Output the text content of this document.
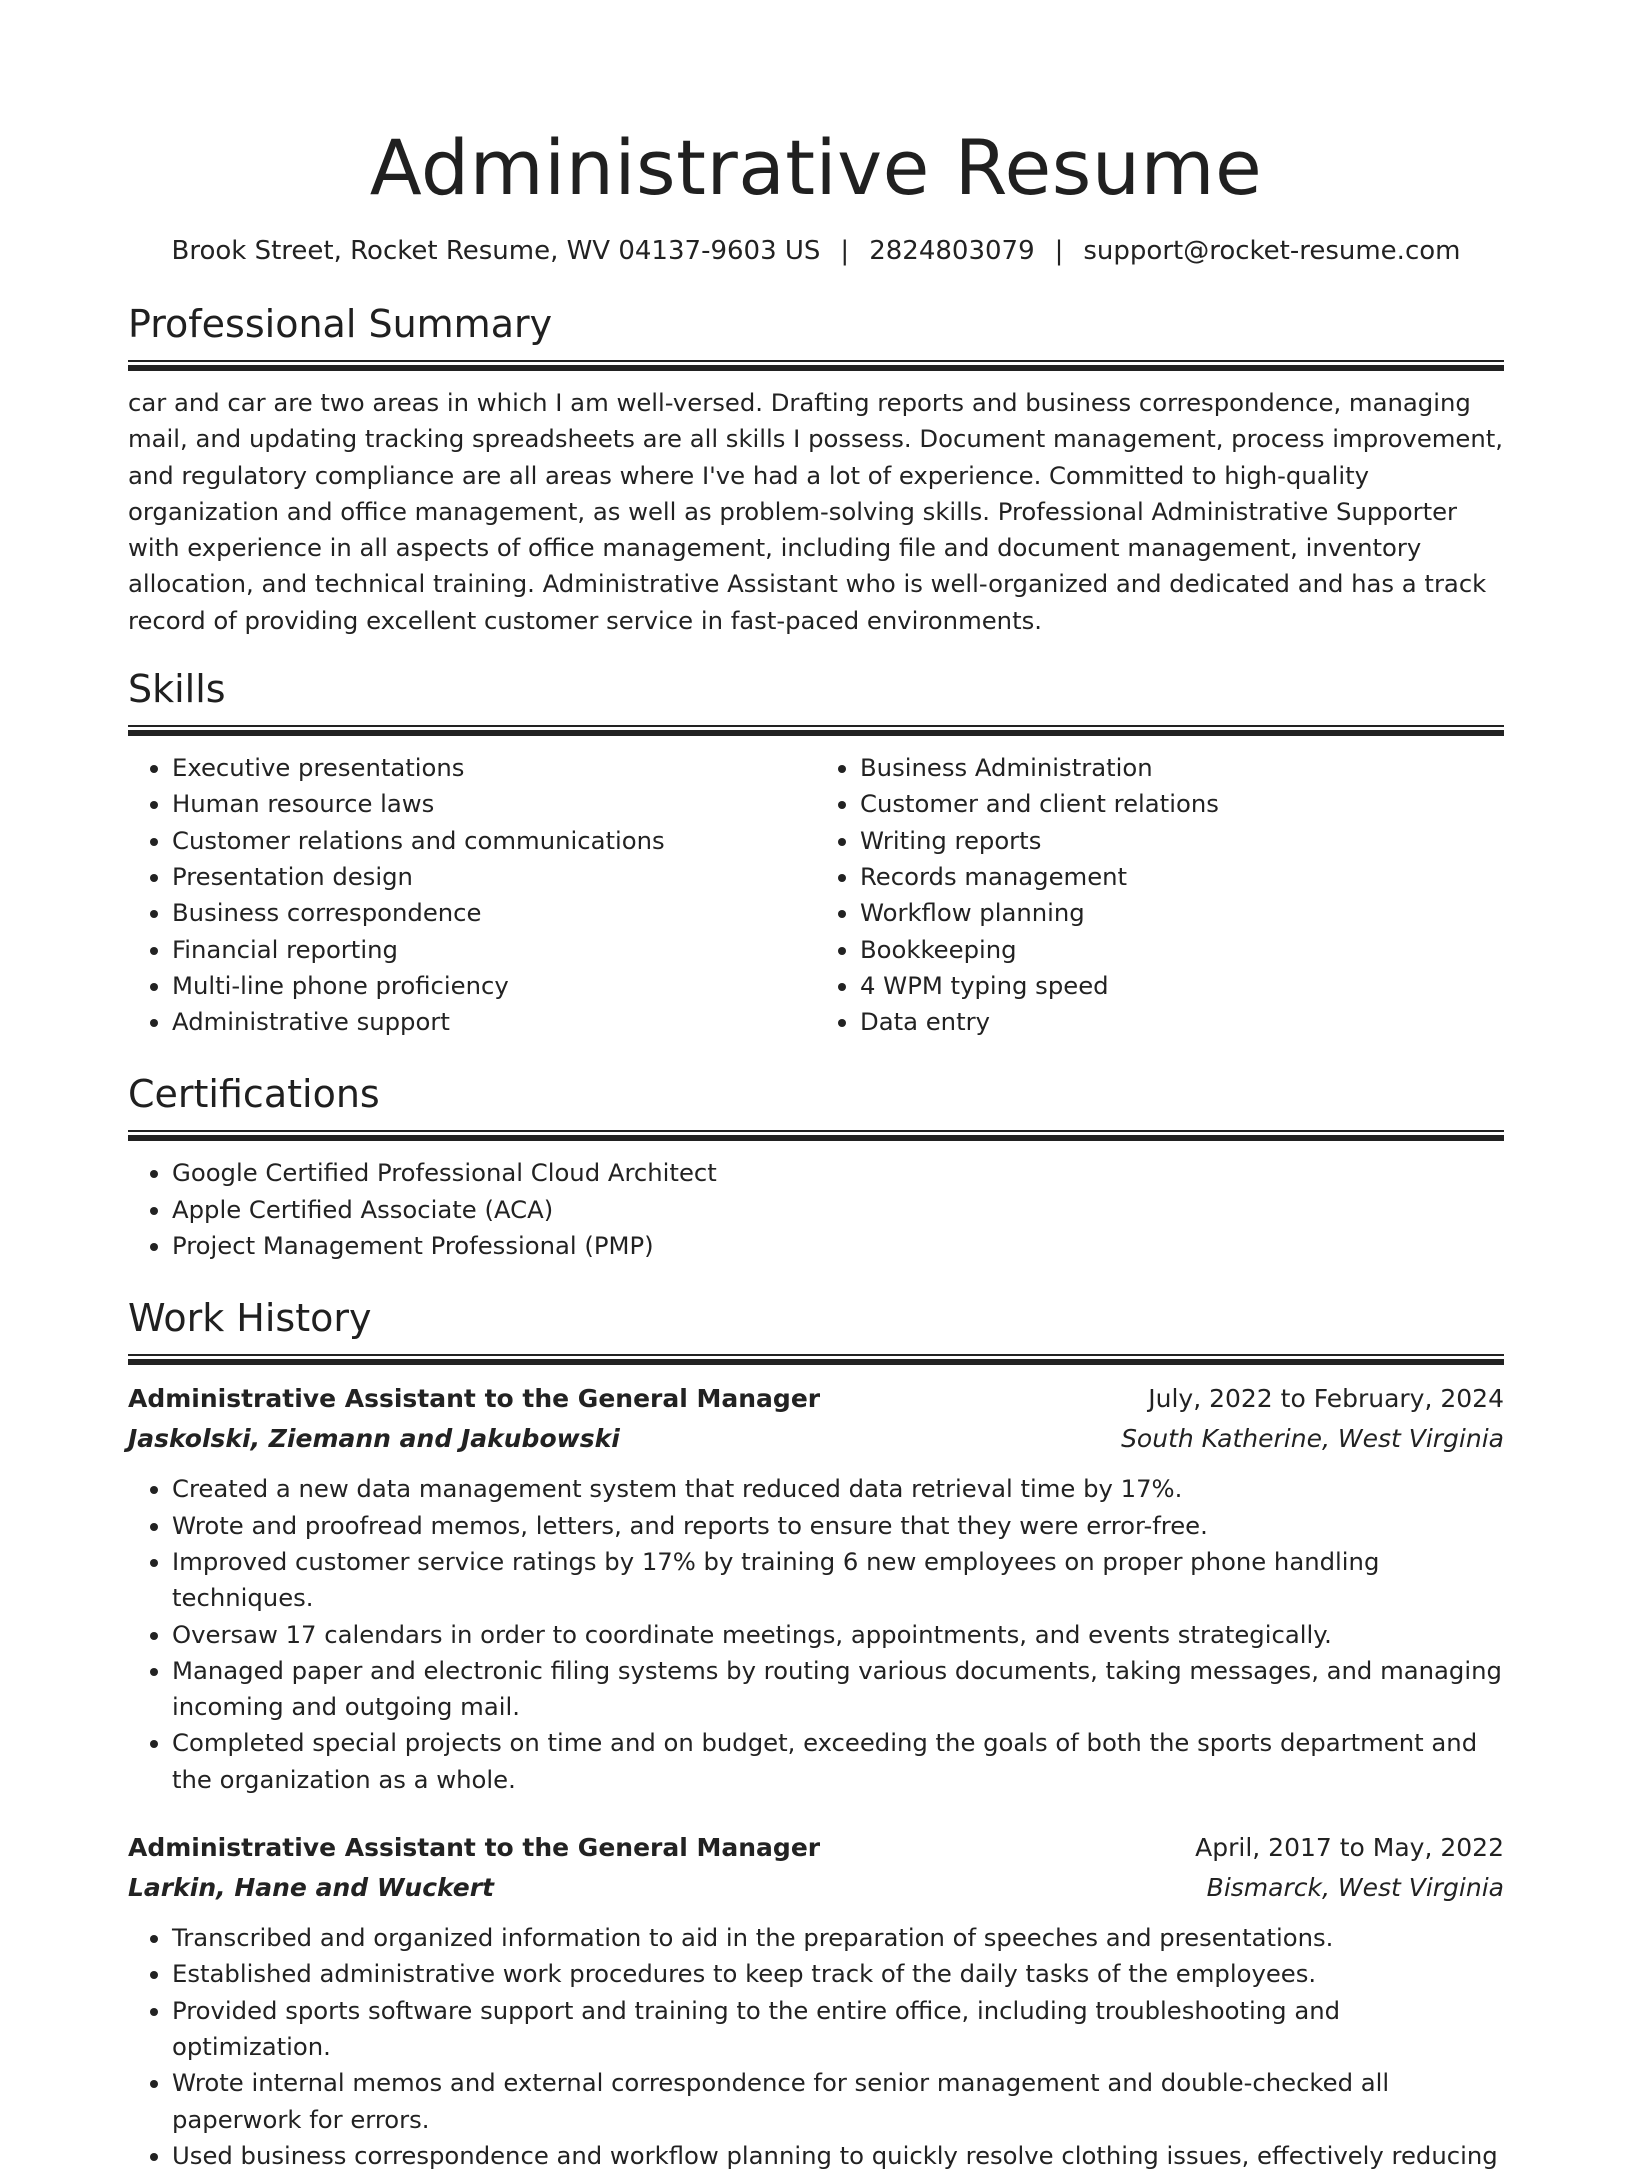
Administrative Resume
Brook Street, Rocket Resume, WV 04137-9603 US | 2824803079 | support@rocket-resume.com
Professional Summary
car and car are two areas in which I am well-versed. Drafting reports and business correspondence, managing mail, and updating tracking spreadsheets are all skills I possess. Document management, process improvement, and regulatory compliance are all areas where I've had a lot of experience. Committed to high-quality organization and office management, as well as problem-solving skills. Professional Administrative Supporter with experience in all aspects of office management, including file and document management, inventory allocation, and technical training. Administrative Assistant who is well-organized and dedicated and has a track record of providing excellent customer service in fast-paced environments.
Skills
• Executive presentations
• Human resource laws
• Customer relations and communications
• Presentation design
• Business correspondence
• Financial reporting
• Multi-line phone proficiency
• Administrative support
• Business Administration
• Customer and client relations
• Writing reports
• Records management
• Workflow planning
• Bookkeeping
• 4 WPM typing speed
• Data entry
Certifications
• Google Certified Professional Cloud Architect
• Apple Certified Associate (ACA)
• Project Management Professional (PMP)
Work History
Administrative Assistant to the General Manager	July, 2022 to February, 2024
Jaskolski, Ziemann and Jakubowski	South Katherine, West Virginia
• Created a new data management system that reduced data retrieval time by 17%.
• Wrote and proofread memos, letters, and reports to ensure that they were error-free.
• Improved customer service ratings by 17% by training 6 new employees on proper phone handling techniques.
• Oversaw 17 calendars in order to coordinate meetings, appointments, and events strategically.
• Managed paper and electronic filing systems by routing various documents, taking messages, and managing incoming and outgoing mail.
• Completed special projects on time and on budget, exceeding the goals of both the sports department and the organization as a whole.
Administrative Assistant to the General Manager	April, 2017 to May, 2022
Larkin, Hane and Wuckert	Bismarck, West Virginia
• Transcribed and organized information to aid in the preparation of speeches and presentations.
• Established administrative work procedures to keep track of the daily tasks of the employees.
• Provided sports software support and training to the entire office, including troubleshooting and optimization.
• Wrote internal memos and external correspondence for senior management and double-checked all paperwork for errors.
• Used business correspondence and workflow planning to quickly resolve clothing issues, effectively reducing
